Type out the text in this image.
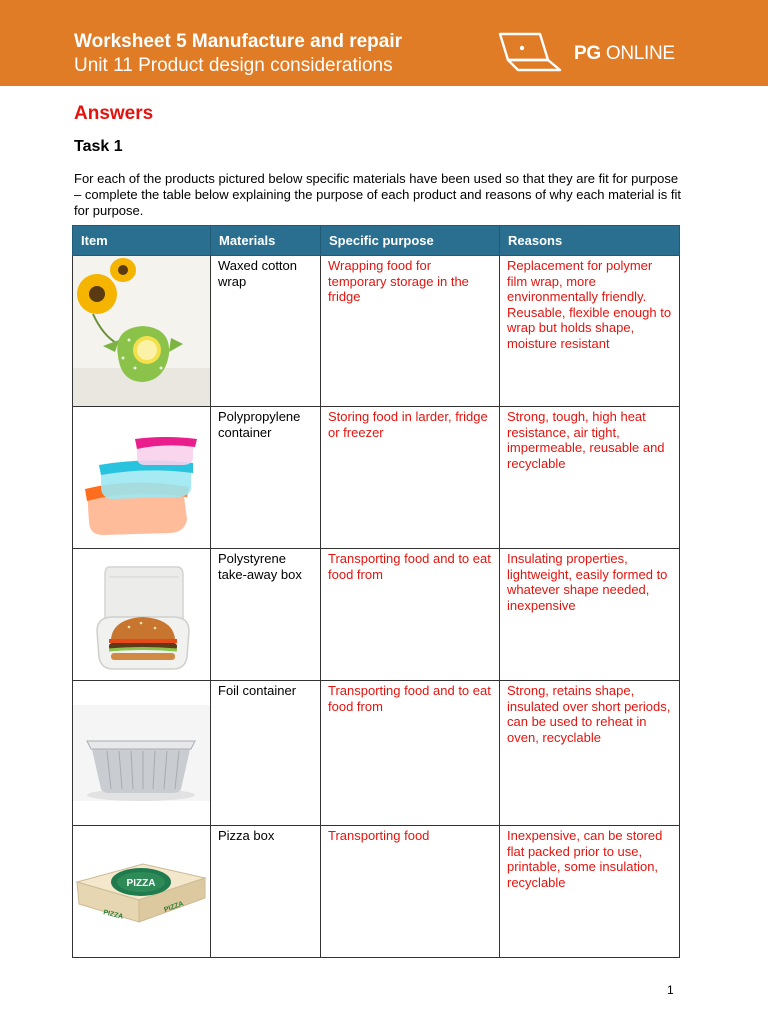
Worksheet 5 Manufacture and repair
Unit 11 Product design considerations
PG ONLINE
Answers
Task 1
For each of the products pictured below specific materials have been used so that they are fit for purpose – complete the table below explaining the purpose of each product and reasons of why each material is fit for purpose.
Item	Materials	Specific purpose	Reasons

	Waxed cotton wrap	Wrapping food for temporary storage in the fridge	Replacement for polymer film wrap, more environmentally friendly. Reusable, flexible enough to wrap but holds shape, moisture resistant

	Polypropylene container	Storing food in larder, fridge or freezer	Strong, tough, high heat resistance, air tight, impermeable, reusable and recyclable

	Polystyrene take-away box	Transporting food and to eat food from	Insulating properties, lightweight, easily formed to whatever shape needed, inexpensive

	Foil container	Transporting food and to eat food from	Strong, retains shape, insulated over short periods, can be used to reheat in oven, recyclable

PIZZA
PIZZA
PIZZA	Pizza box	Transporting food	Inexpensive, can be stored flat packed prior to use, printable, some insulation, recyclable
1
